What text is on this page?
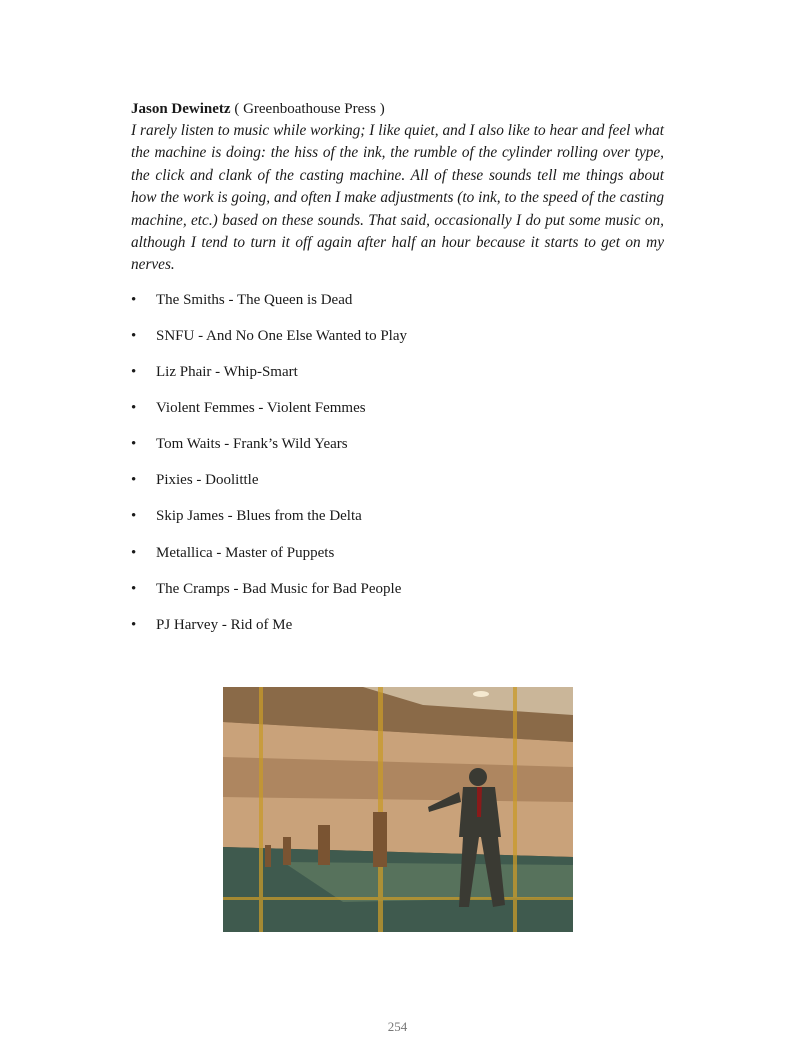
Jason Dewinetz ( Greenboathouse Press )

I rarely listen to music while working; I like quiet, and I also like to hear and feel what the machine is doing: the hiss of the ink, the rumble of the cylinder rolling over type, the click and clank of the casting machine. All of these sounds tell me things about how the work is going, and often I make adjustments (to ink, to the speed of the casting machine, etc.) based on these sounds. That said, occasionally I do put some music on, although I tend to turn it off again after half an hour because it starts to get on my nerves.

• The Smiths - The Queen is Dead
• SNFU - And No One Else Wanted to Play
• Liz Phair - Whip-Smart
• Violent Femmes - Violent Femmes
• Tom Waits - Frank’s Wild Years
• Pixies - Doolittle
• Skip James - Blues from the Delta
• Metallica - Master of Puppets
• The Cramps - Bad Music for Bad People
• PJ Harvey - Rid of Me
254
